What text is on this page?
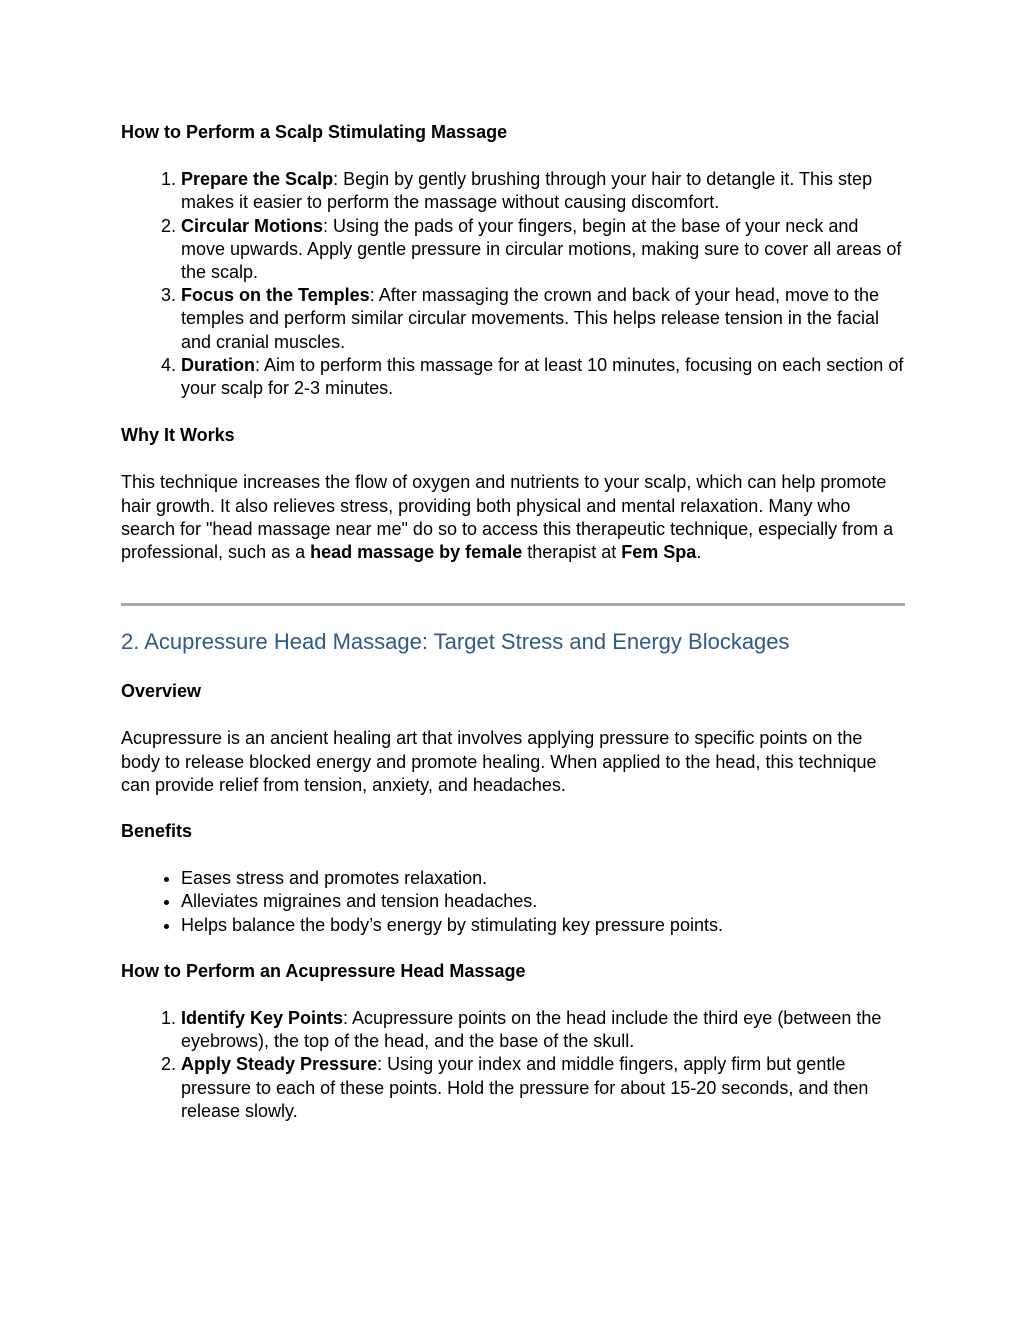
How to Perform a Scalp Stimulating Massage

1. Prepare the Scalp: Begin by gently brushing through your hair to detangle it. This step makes it easier to perform the massage without causing discomfort.
2. Circular Motions: Using the pads of your fingers, begin at the base of your neck and move upwards. Apply gentle pressure in circular motions, making sure to cover all areas of the scalp.
3. Focus on the Temples: After massaging the crown and back of your head, move to the temples and perform similar circular movements. This helps release tension in the facial and cranial muscles.
4. Duration: Aim to perform this massage for at least 10 minutes, focusing on each section of your scalp for 2-3 minutes.

Why It Works

This technique increases the flow of oxygen and nutrients to your scalp, which can help promote hair growth. It also relieves stress, providing both physical and mental relaxation. Many who search for "head massage near me" do so to access this therapeutic technique, especially from a professional, such as a head massage by female therapist at Fem Spa.

2. Acupressure Head Massage: Target Stress and Energy Blockages

Overview

Acupressure is an ancient healing art that involves applying pressure to specific points on the body to release blocked energy and promote healing. When applied to the head, this technique can provide relief from tension, anxiety, and headaches.

Benefits

• Eases stress and promotes relaxation.
• Alleviates migraines and tension headaches.
• Helps balance the body’s energy by stimulating key pressure points.

How to Perform an Acupressure Head Massage

1. Identify Key Points: Acupressure points on the head include the third eye (between the eyebrows), the top of the head, and the base of the skull.
2. Apply Steady Pressure: Using your index and middle fingers, apply firm but gentle pressure to each of these points. Hold the pressure for about 15-20 seconds, and then release slowly.
